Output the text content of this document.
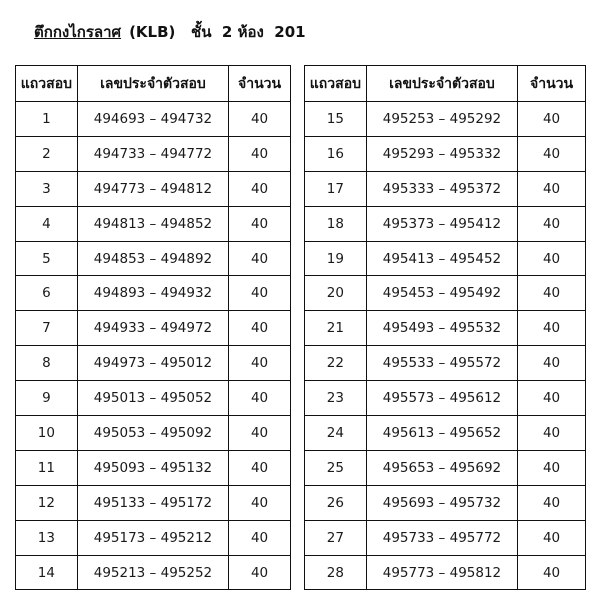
ตึกกงไกรลาศ (KLB)   ชั้น  2 ห้อง  201
แถวสอบ	เลขประจำตัวสอบ	จำนวน
1	494693 – 494732	40
2	494733 – 494772	40
3	494773 – 494812	40
4	494813 – 494852	40
5	494853 – 494892	40
6	494893 – 494932	40
7	494933 – 494972	40
8	494973 – 495012	40
9	495013 – 495052	40
10	495053 – 495092	40
11	495093 – 495132	40
12	495133 – 495172	40
13	495173 – 495212	40
14	495213 – 495252	40
แถวสอบ	เลขประจำตัวสอบ	จำนวน
15	495253 – 495292	40
16	495293 – 495332	40
17	495333 – 495372	40
18	495373 – 495412	40
19	495413 – 495452	40
20	495453 – 495492	40
21	495493 – 495532	40
22	495533 – 495572	40
23	495573 – 495612	40
24	495613 – 495652	40
25	495653 – 495692	40
26	495693 – 495732	40
27	495733 – 495772	40
28	495773 – 495812	40
